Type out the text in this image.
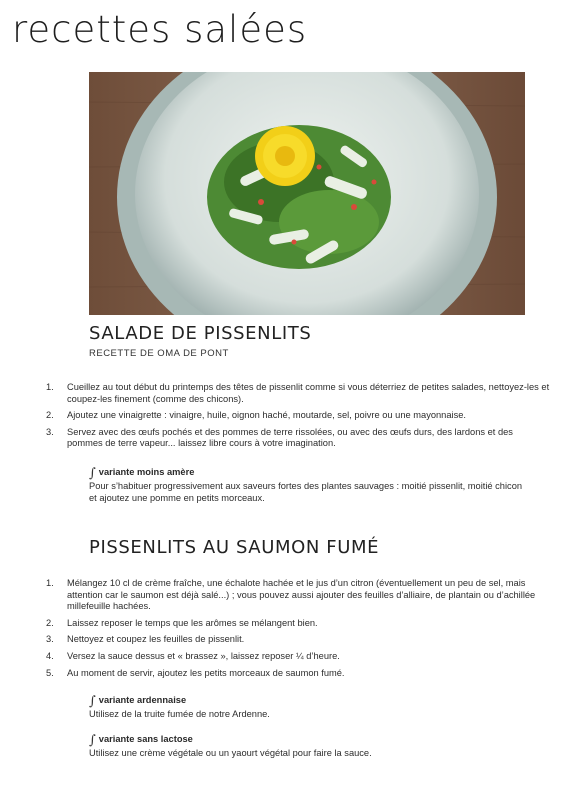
recettes salées
SALADE DE PISSENLITS

RECETTE DE OMA DE PONT

1. Cueillez au tout début du printemps des têtes de pissenlit comme si vous déterriez de petites salades, nettoyez-les et coupez-les finement (comme des chicons).
2. Ajoutez une vinaigrette : vinaigre, huile, oignon haché, moutarde, sel, poivre ou une mayonnaise.
3. Servez avec des œufs pochés et des pommes de terre rissolées, ou avec des œufs durs, des lardons et des pommes de terre vapeur... laissez libre cours à votre imagination.
∫ variante moins amère
Pour s’habituer progressivement aux saveurs fortes des plantes sauvages : moitié pissenlit, moitié chicon et ajoutez une pomme en petits morceaux.
PISSENLITS AU SAUMON FUMÉ
1. Mélangez 10 cl de crème fraîche, une échalote hachée et le jus d’un citron (éventuellement un peu de sel, mais attention car le saumon est déjà salé...) ; vous pouvez aussi ajouter des feuilles d’alliaire, de plantain ou d’achillée millefeuille hachées.
2. Laissez reposer le temps que les arômes se mélangent bien.
3. Nettoyez et coupez les feuilles de pissenlit.
4. Versez la sauce dessus et « brassez », laissez reposer ¼ d’heure.
5. Au moment de servir, ajoutez les petits morceaux de saumon fumé.
∫ variante ardennaise
Utilisez de la truite fumée de notre Ardenne.
∫ variante sans lactose
Utilisez une crème végétale ou un yaourt végétal pour faire la sauce.
